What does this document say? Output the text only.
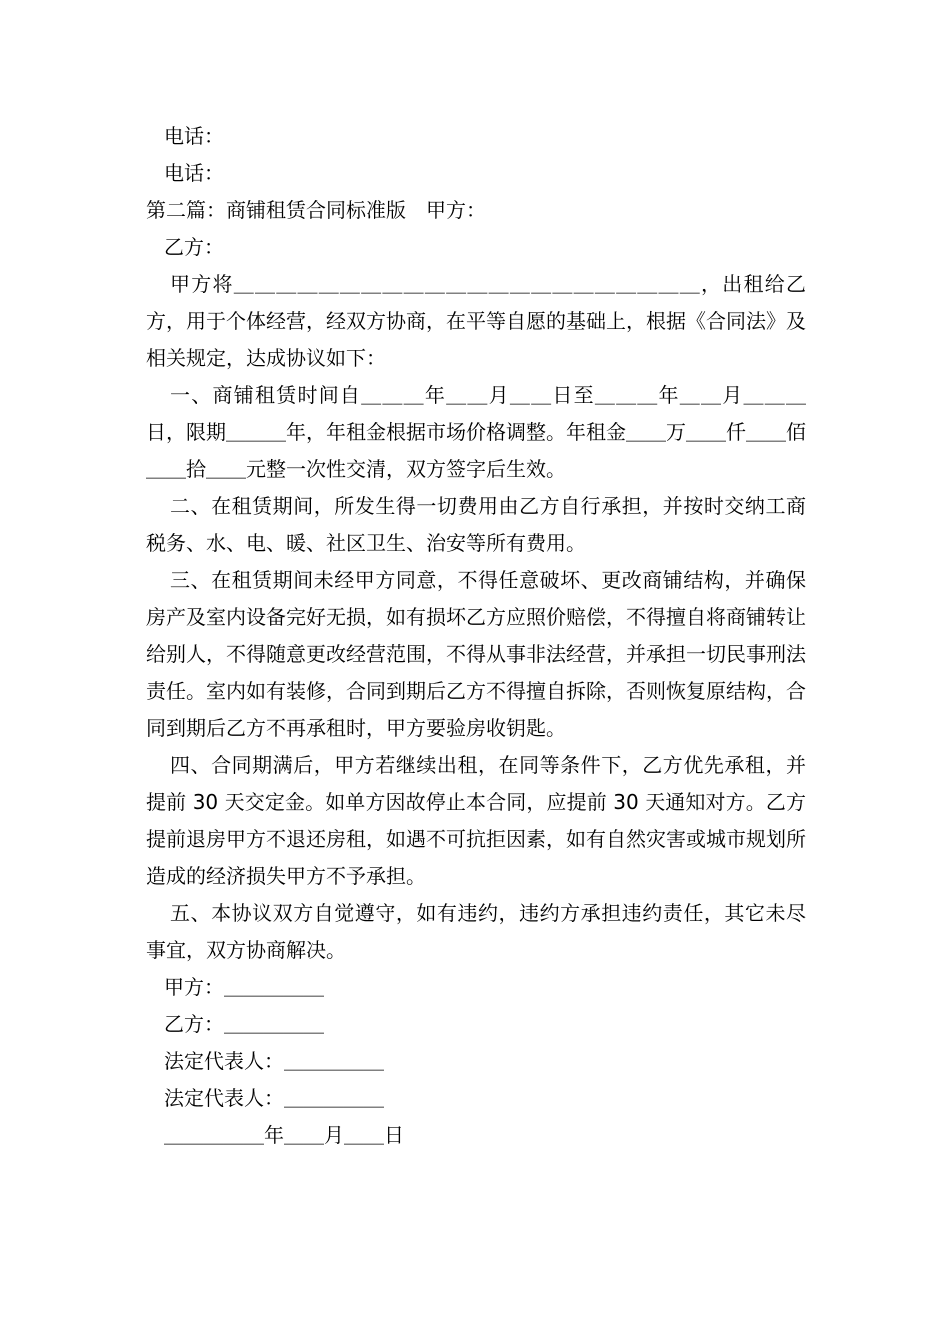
电话：
电话：
第二篇：商铺租赁合同标准版　甲方：
乙方：
甲方将＿＿＿＿＿＿＿＿＿＿＿＿＿＿＿＿＿＿＿＿＿＿，出租给乙方，用于个体经营，经双方协商，在平等自愿的基础上，根据《合同法》及相关规定，达成协议如下：
一、商铺租赁时间自＿＿＿年＿＿月＿＿日至＿＿＿年＿＿月＿＿＿日，限期＿＿＿年，年租金根据市场价格调整。年租金＿＿万＿＿仟＿＿佰＿＿拾＿＿元整一次性交清，双方签字后生效。
二、在租赁期间，所发生得一切费用由乙方自行承担，并按时交纳工商税务、水、电、暖、社区卫生、治安等所有费用。
三、在租赁期间未经甲方同意，不得任意破坏、更改商铺结构，并确保房产及室内设备完好无损，如有损坏乙方应照价赔偿，不得擅自将商铺转让给别人，不得随意更改经营范围，不得从事非法经营，并承担一切民事刑法责任。室内如有装修，合同到期后乙方不得擅自拆除，否则恢复原结构，合同到期后乙方不再承租时，甲方要验房收钥匙。
四、合同期满后，甲方若继续出租，在同等条件下，乙方优先承租，并提前 30 天交定金。如单方因故停止本合同，应提前 30 天通知对方。乙方提前退房甲方不退还房租，如遇不可抗拒因素，如有自然灾害或城市规划所造成的经济损失甲方不予承担。
五、本协议双方自觉遵守，如有违约，违约方承担违约责任，其它未尽事宜，双方协商解决。
甲方：＿＿＿＿＿
乙方：＿＿＿＿＿
法定代表人：＿＿＿＿＿
法定代表人：＿＿＿＿＿
＿＿＿＿＿年＿＿月＿＿日
